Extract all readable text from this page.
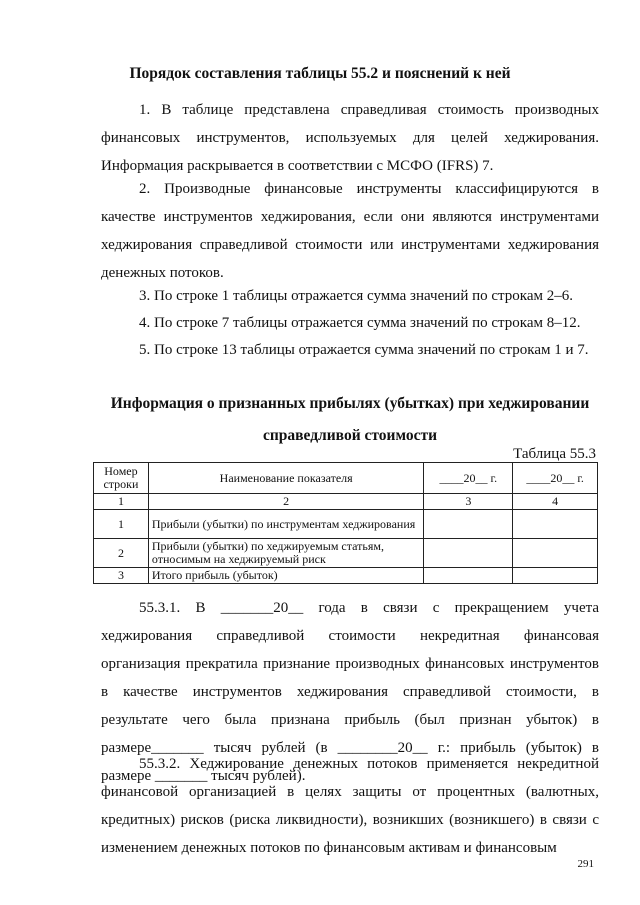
Порядок составления таблицы 55.2 и пояснений к ней
1. В таблице представлена справедливая стоимость производных финансовых инструментов, используемых для целей хеджирования. Информация раскрывается в соответствии с МСФО (IFRS) 7.
2. Производные финансовые инструменты классифицируются в качестве инструментов хеджирования, если они являются инструментами хеджирования справедливой стоимости или инструментами хеджирования денежных потоков.
3. По строке 1 таблицы отражается сумма значений по строкам 2–6.
4. По строке 7 таблицы отражается сумма значений по строкам 8–12.
5. По строке 13 таблицы отражается сумма значений по строкам 1 и 7.
Информация о признанных прибылях (убытках) при хеджировании справедливой стоимости
Таблица 55.3
Номер строки	Наименование показателя	____20__ г.	____20__ г.
1	2	3	4
1	Прибыли (убытки) по инструментам хеджирования		
2	Прибыли (убытки) по хеджируемым статьям, относимым на хеджируемый риск		
3	Итого прибыль (убыток)		
55.3.1. В _______20__ года в связи с прекращением учета хеджирования справедливой стоимости некредитная финансовая организация прекратила признание производных финансовых инструментов в качестве инструментов хеджирования справедливой стоимости, в результате чего была признана прибыль (был признан убыток) в размере_______ тысяч рублей (в ________20__ г.: прибыль (убыток) в размере _______ тысяч рублей).
55.3.2. Хеджирование денежных потоков применяется некредитной финансовой организацией в целях защиты от процентных (валютных, кредитных) рисков (риска ликвидности), возникших (возникшего) в связи с изменением денежных потоков по финансовым активам и финансовым
291
